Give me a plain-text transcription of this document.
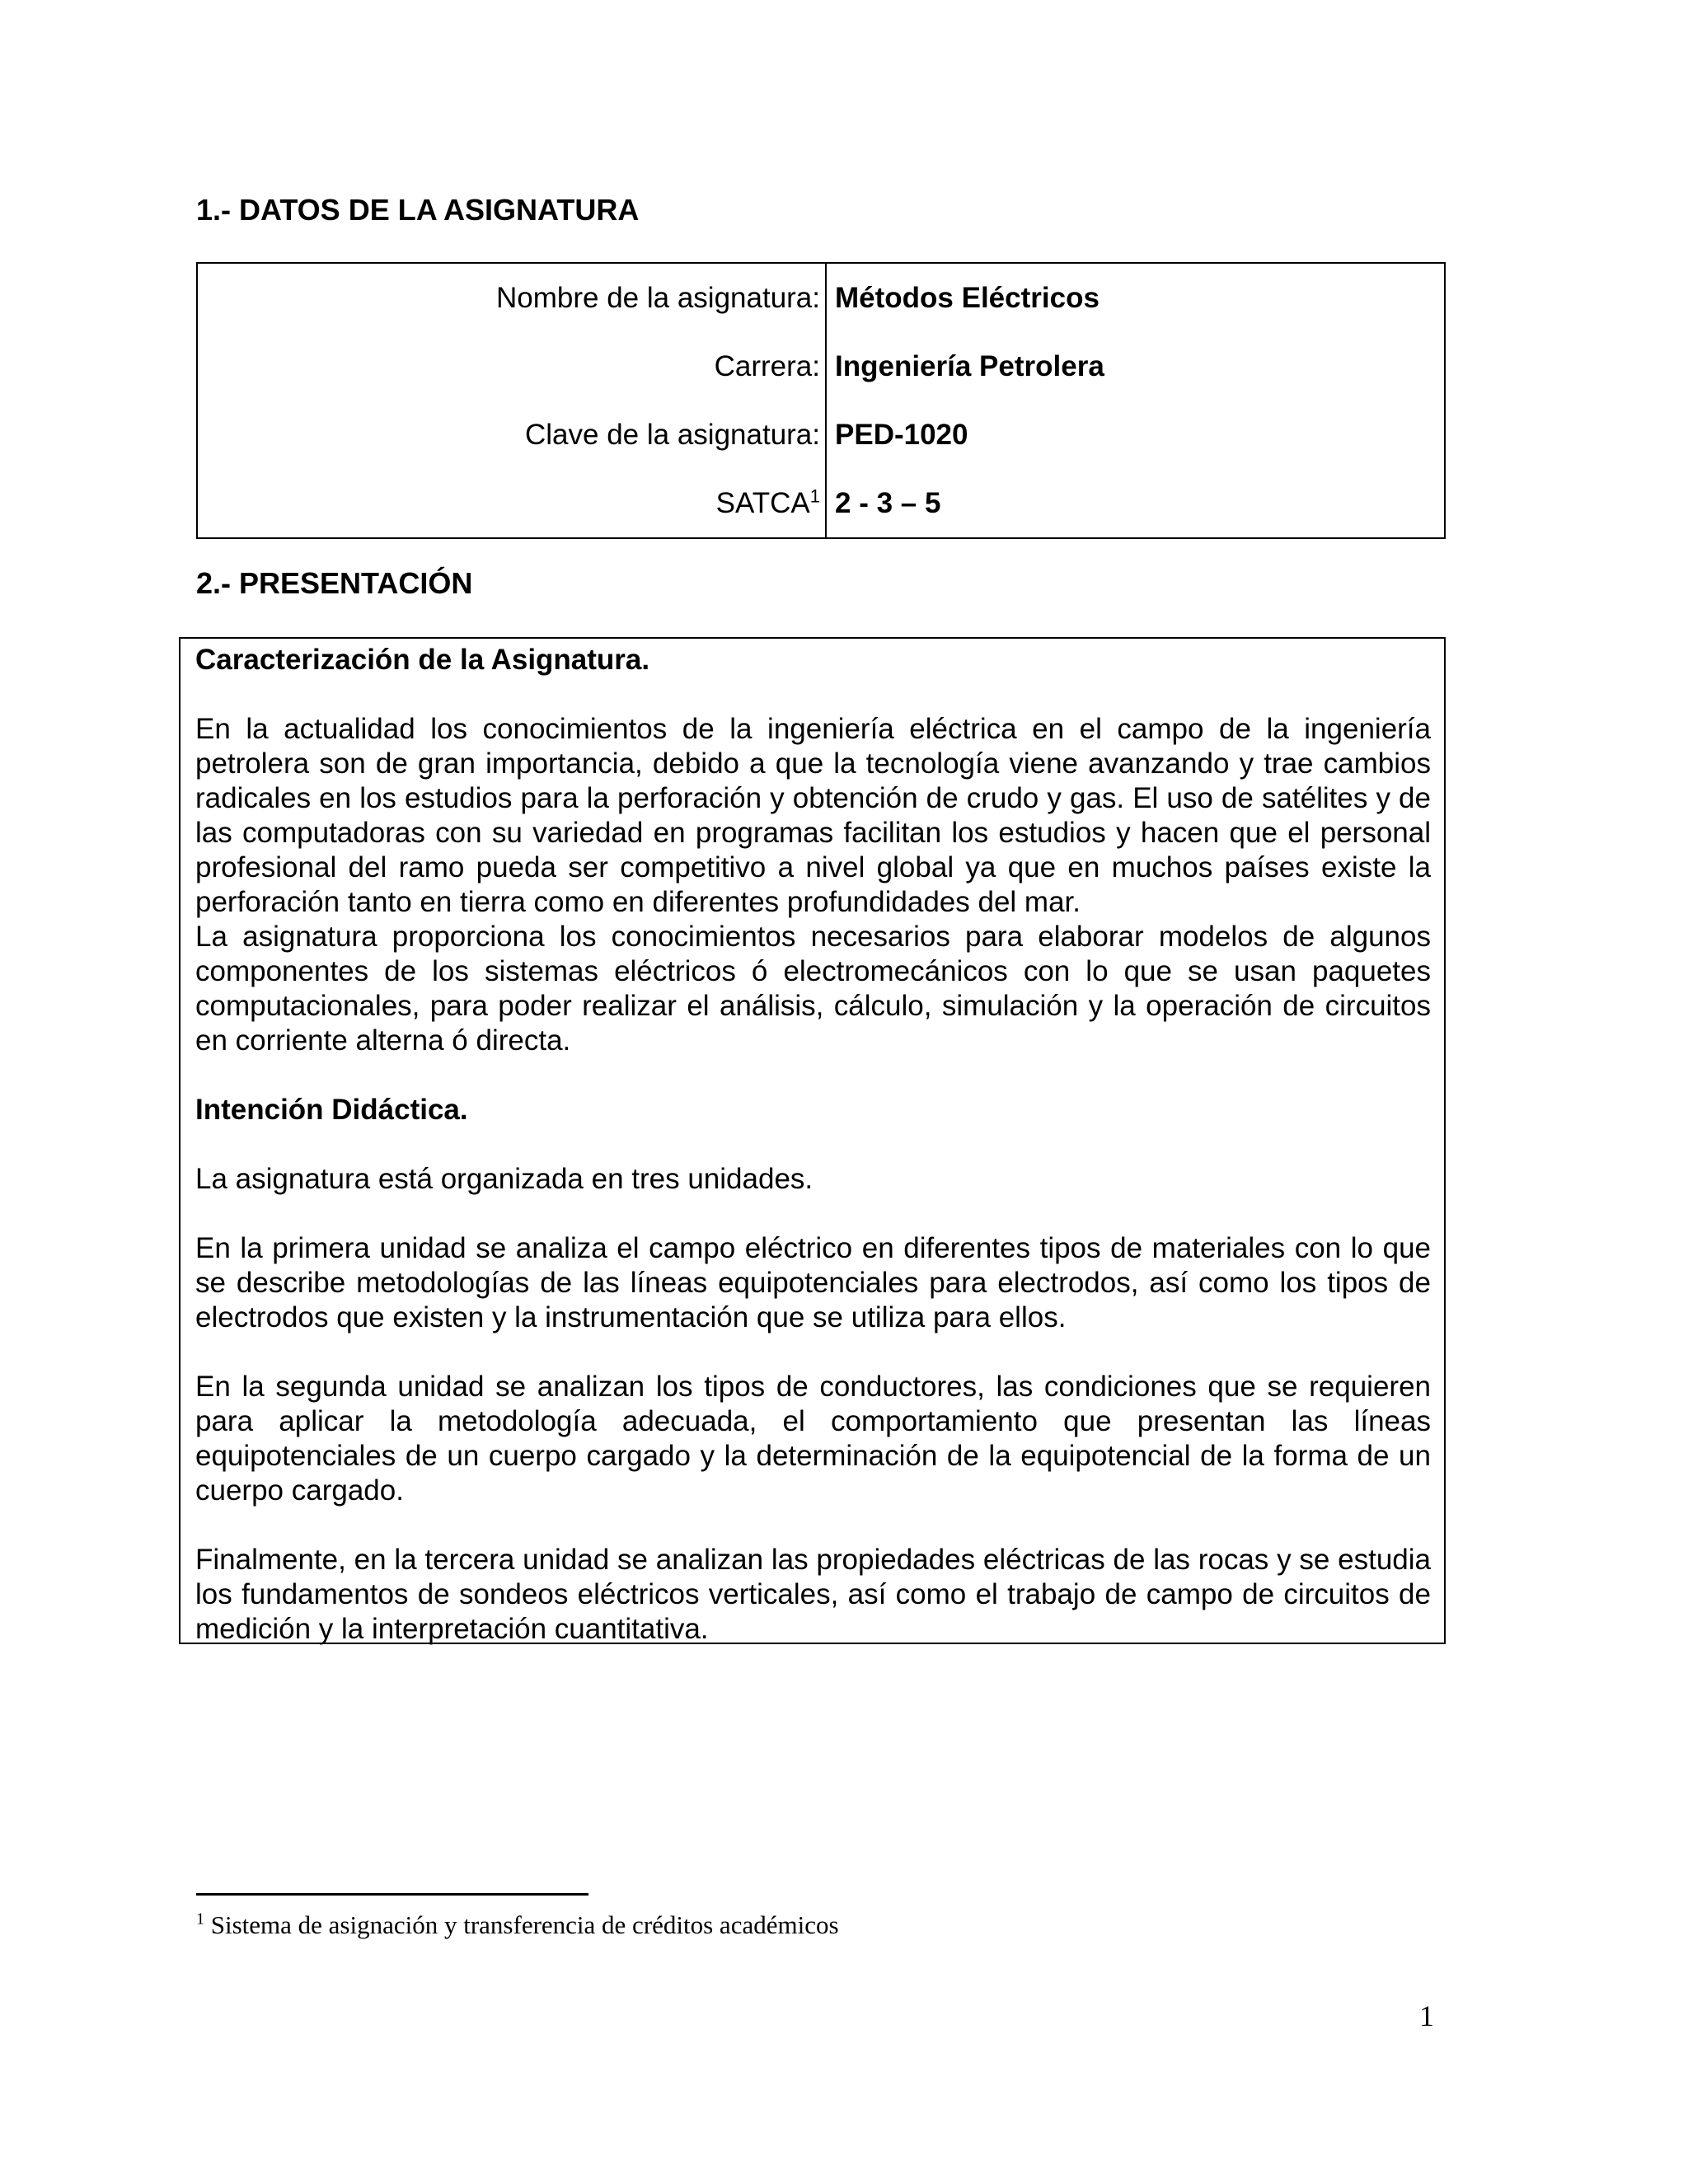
1.- DATOS DE LA ASIGNATURA
Nombre de la asignatura:	Métodos Eléctricos
Carrera:	Ingeniería Petrolera
Clave de la asignatura:	PED-1020
SATCA$^1$	2 - 3 – 5
2.- PRESENTACIÓN

Caracterización de la Asignatura.

En la actualidad los conocimientos de la ingeniería eléctrica en el campo de la ingeniería petrolera son de gran importancia, debido a que la tecnología viene avanzando y trae cambios radicales en los estudios para la perforación y obtención de crudo y gas. El uso de satélites y de las computadoras con su variedad en programas facilitan los estudios y hacen que el personal profesional del ramo pueda ser competitivo a nivel global ya que en muchos países existe la perforación tanto en tierra como en diferentes profundidades del mar.

La asignatura proporciona los conocimientos necesarios para elaborar modelos de algunos componentes de los sistemas eléctricos ó electromecánicos con lo que se usan paquetes computacionales, para poder realizar el análisis, cálculo, simulación y la operación de circuitos en corriente alterna ó directa.

Intención Didáctica.

La asignatura está organizada en tres unidades.

En la primera unidad se analiza el campo eléctrico en diferentes tipos de materiales con lo que se describe metodologías de las líneas equipotenciales para electrodos, así como los tipos de electrodos que existen y la instrumentación que se utiliza para ellos.

En la segunda unidad se analizan los tipos de conductores, las condiciones que se requieren para aplicar la metodología adecuada, el comportamiento que presentan las líneas equipotenciales de un cuerpo cargado y la determinación de la equipotencial de la forma de un cuerpo cargado.

Finalmente, en la tercera unidad se analizan las propiedades eléctricas de las rocas y se estudia los fundamentos de sondeos eléctricos verticales, así como el trabajo de campo de circuitos de medición y la interpretación cuantitativa.

$^1$ Sistema de asignación y transferencia de créditos académicos
1
